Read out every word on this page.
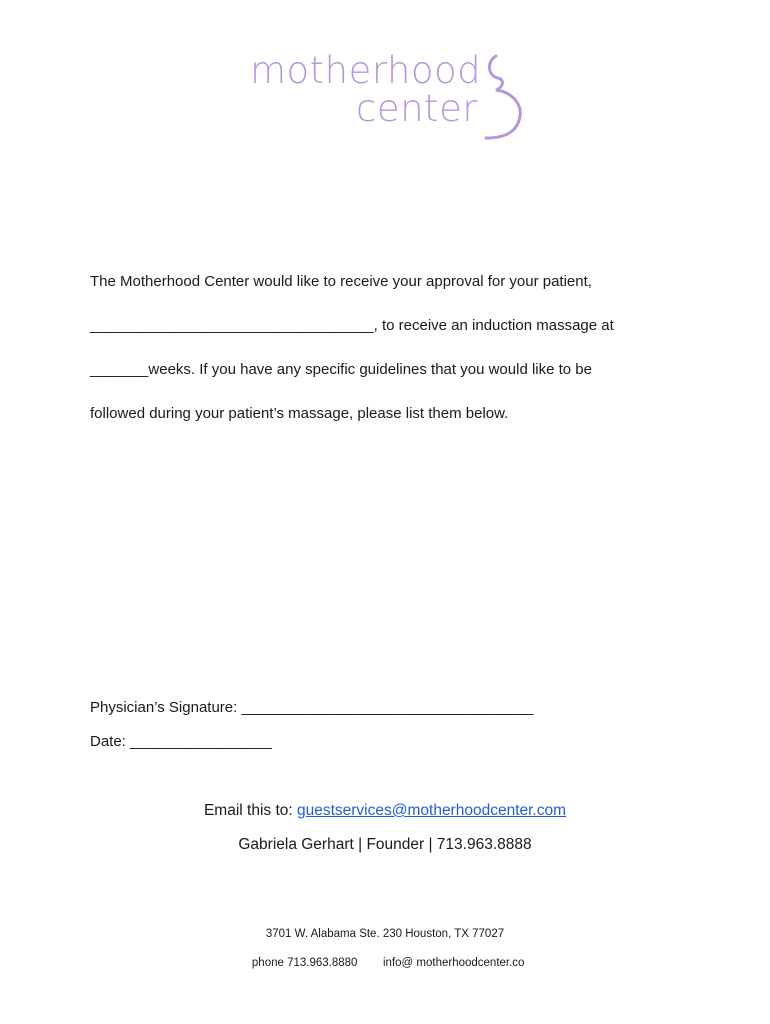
motherhood
center
The Motherhood Center would like to receive your approval for your patient,
__________________________________, to receive an induction massage at
_______weeks. If you have any specific guidelines that you would like to be
followed during your patient’s massage, please list them below.
Physician’s Signature: ___________________________________
Date: _________________
Email this to: guestservices@motherhoodcenter.com
Gabriela Gerhart | Founder | 713.963.8888
3701 W. Alabama Ste. 230 Houston, TX 77027

phone 713.963.8880 info@ motherhoodcenter.co
